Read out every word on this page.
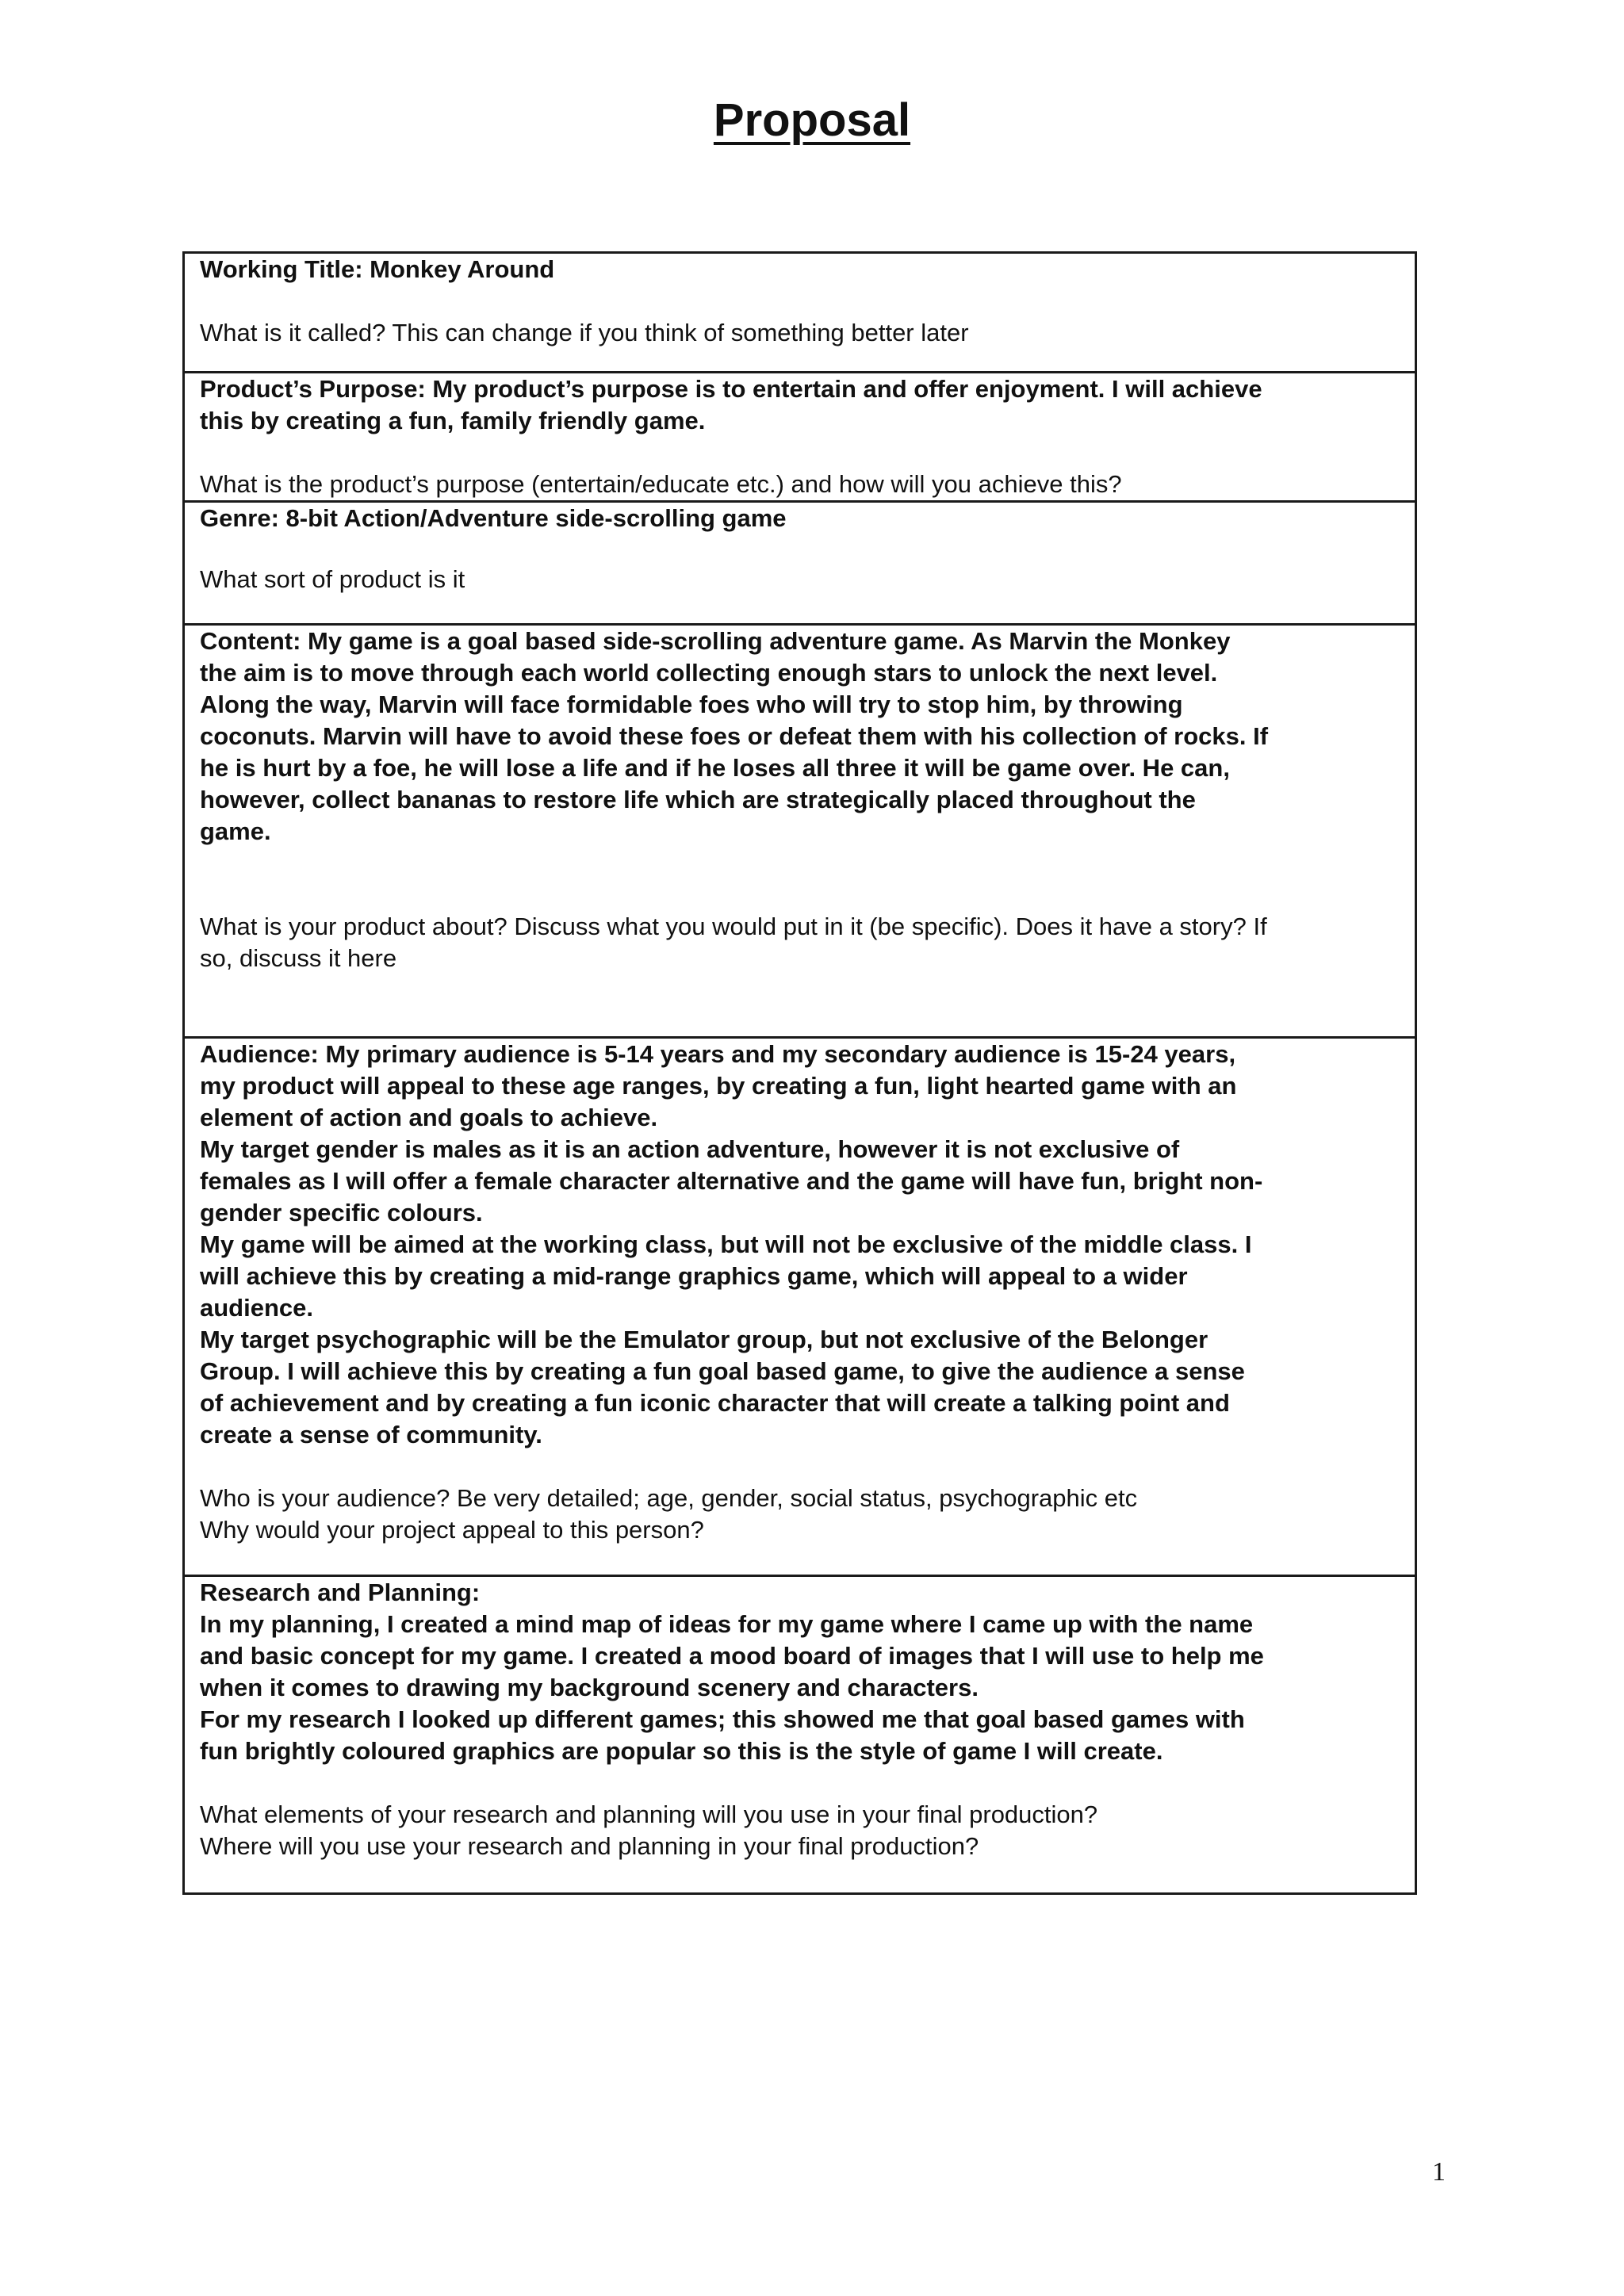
Proposal

Working Title: Monkey Around

What is it called? This can change if you think of something better later

Product’s Purpose: My product’s purpose is to entertain and offer enjoyment. I will achieve
this by creating a fun, family friendly game.

What is the product’s purpose (entertain/educate etc.) and how will you achieve this?

Genre: 8-bit Action/Adventure side-scrolling game

What sort of product is it

Content: My game is a goal based side-scrolling adventure game. As Marvin the Monkey
the aim is to move through each world collecting enough stars to unlock the next level.
Along the way, Marvin will face formidable foes who will try to stop him, by throwing
coconuts. Marvin will have to avoid these foes or defeat them with his collection of rocks. If
he is hurt by a foe, he will lose a life and if he loses all three it will be game over. He can,
however, collect bananas to restore life which are strategically placed throughout the
game.

What is your product about? Discuss what you would put in it (be specific). Does it have a story? If
so, discuss it here

Audience: My primary audience is 5-14 years and my secondary audience is 15-24 years,
my product will appeal to these age ranges, by creating a fun, light hearted game with an
element of action and goals to achieve.
My target gender is males as it is an action adventure, however it is not exclusive of
females as I will offer a female character alternative and the game will have fun, bright non-
gender specific colours.
My game will be aimed at the working class, but will not be exclusive of the middle class. I
will achieve this by creating a mid-range graphics game, which will appeal to a wider
audience.
My target psychographic will be the Emulator group, but not exclusive of the Belonger
Group. I will achieve this by creating a fun goal based game, to give the audience a sense
of achievement and by creating a fun iconic character that will create a talking point and
create a sense of community.

Who is your audience? Be very detailed; age, gender, social status, psychographic etc
Why would your project appeal to this person?

Research and Planning:
In my planning, I created a mind map of ideas for my game where I came up with the name
and basic concept for my game. I created a mood board of images that I will use to help me
when it comes to drawing my background scenery and characters.
For my research I looked up different games; this showed me that goal based games with
fun brightly coloured graphics are popular so this is the style of game I will create.

What elements of your research and planning will you use in your final production?
Where will you use your research and planning in your final production?

1
